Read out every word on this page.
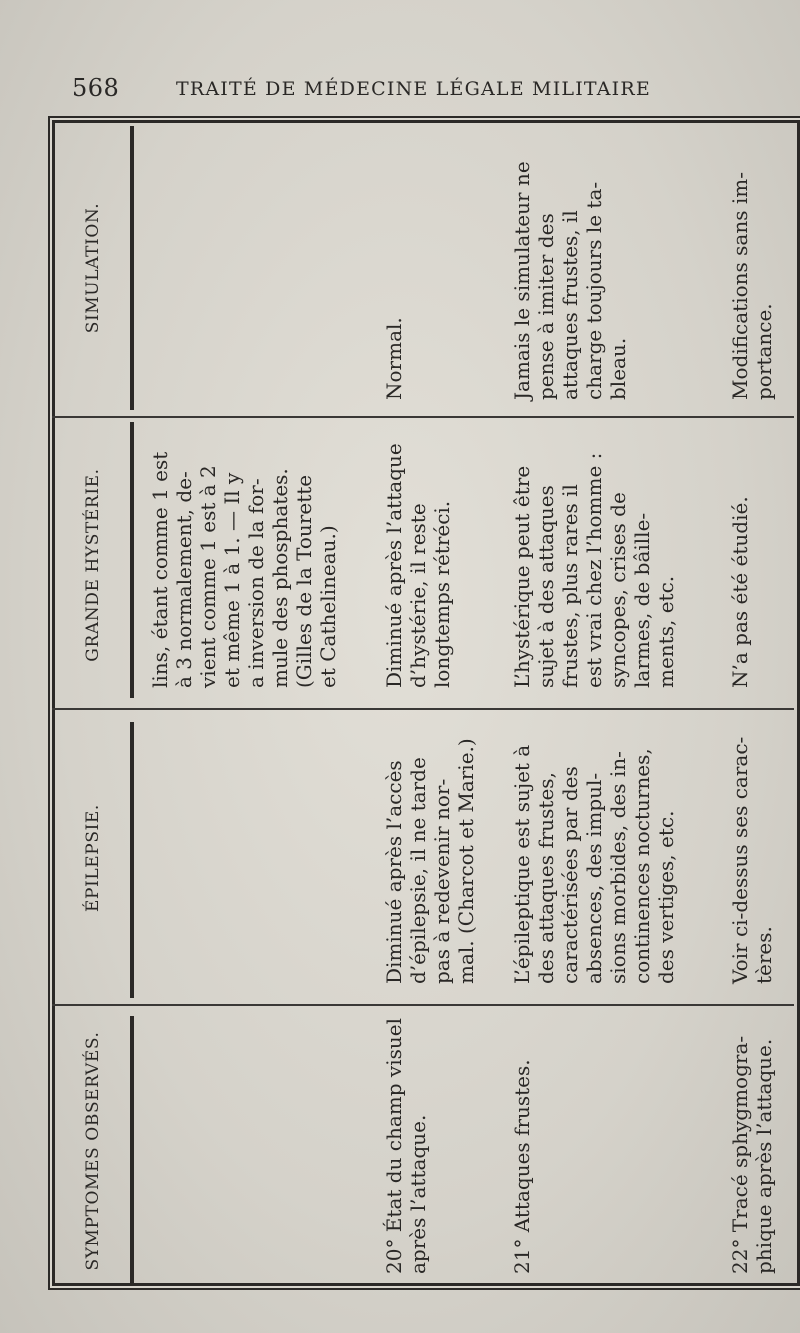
568	TRAITÉ DE MÉDECINE LÉGALE MILITAIRE
SYMPTOMES OBSERVÉS.
ÉPILEPSIE.
GRANDE HYSTÉRIE.
SIMULATION.
lins, étant comme 1 est
à 3 normalement, de-
vient comme 1 est à 2
et même 1 à 1. — Il y
a inversion de la for-
mule des phosphates.
(Gilles de la Tourette
et Cathelineau.)
20° État du champ visuel
après l’attaque.
Diminué après l’accès
d’épilepsie, il ne tarde
pas à redevenir nor-
mal. (Charcot et Marie.)
Diminué après l’attaque
d’hystérie, il reste
longtemps rétréci.
Normal.
21° Attaques frustes.
L’épileptique est sujet à
des attaques frustes,
caractérisées par des
absences, des impul-
sions morbides, des in-
continences nocturnes,
des vertiges, etc.
L’hystérique peut être
sujet à des attaques
frustes, plus rares il
est vrai chez l’homme :
syncopes, crises de
larmes, de bâille-
ments, etc.
Jamais le simulateur ne
pense à imiter des
attaques frustes, il
charge toujours le ta-
bleau.
22° Tracé sphygmogra-
phique après l’attaque.
Voir ci-dessus ses carac-
tères.
N’a pas été étudié.
Modifications sans im-
portance.
